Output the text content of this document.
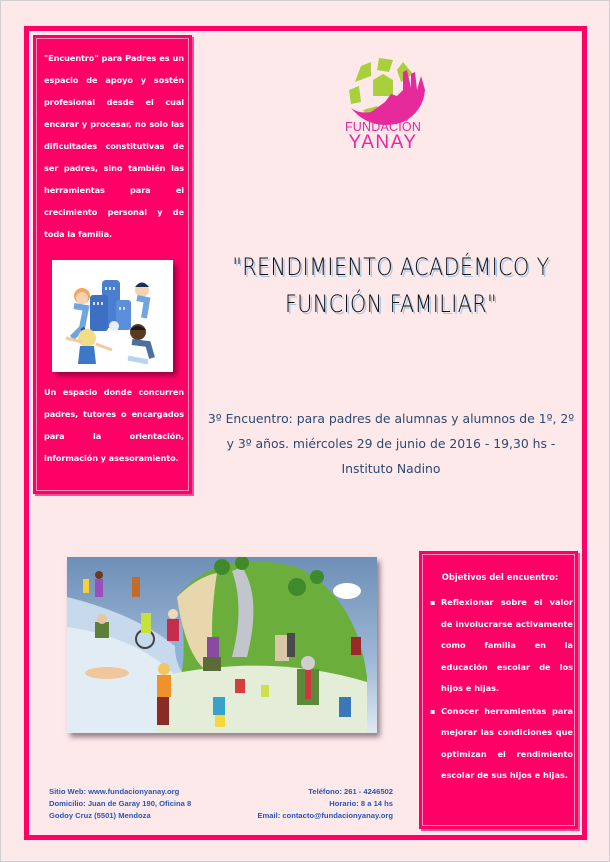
"Encuentro" para Padres es un espacio de apoyo y sostén profesional desde el cual encarar y procesar, no solo las dificultades constitutivas de ser padres, sino también las herramientas para el crecimiento personal y de toda la familia.

Un espacio donde concurren padres, tutores o encargados para la orientación, información y asesoramiento.

FUNDACIÓN
YANAY
"RENDIMIENTO ACADÉMICO Y
FUNCIÓN FAMILIAR"

3º Encuentro: para padres de alumnas y alumnos de 1º, 2º y 3º años. miércoles 29 de junio de 2016 - 19,30 hs - Instituto Nadino

Objetivos del encuentro:
▪ Reflexionar sobre el valor de involucrarse activamente como familia en la educación escolar de los hijos e hijas.
▪ Conocer herramientas para mejorar las condiciones que optimizan el rendimiento escolar de sus hijos e hijas.
Sitio Web: www.fundacionyanay.org
Domicilio: Juan de Garay 190, Oficina 8
Godoy Cruz (5501) Mendoza
Teléfono: 261 - 4246502
Horario: 8 a 14 hs
Email: contacto@fundacionyanay.org
